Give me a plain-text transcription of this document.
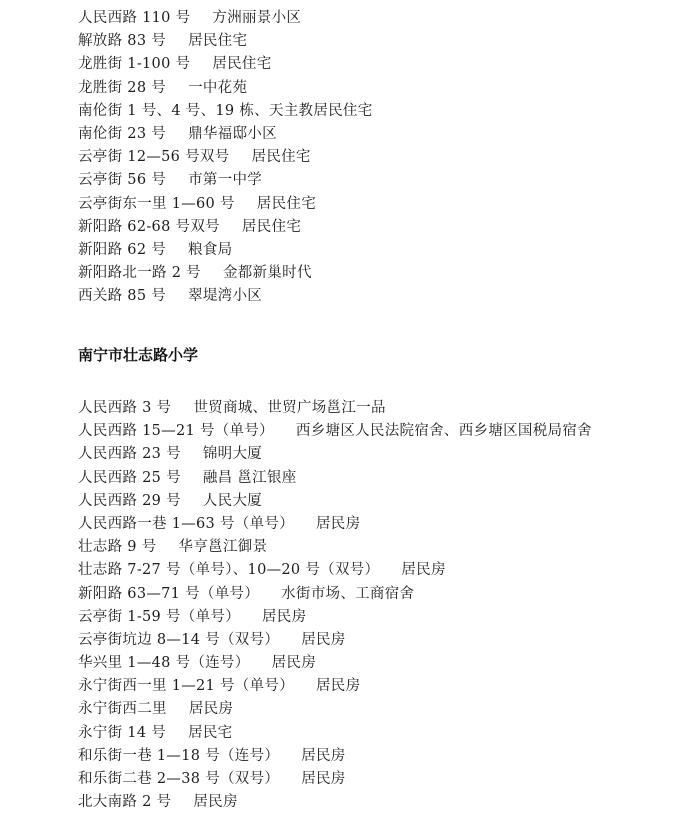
人民西路 110 号 方洲丽景小区
解放路 83 号 居民住宅
龙胜街 1-100 号 居民住宅
龙胜街 28 号 一中花苑
南伦街 1 号、4 号、19 栋、天主教居民住宅
南伦街 23 号 鼎华福邸小区
云亭街 12—56 号双号 居民住宅
云亭街 56 号 市第一中学
云亭街东一里 1—60 号 居民住宅
新阳路 62-68 号双号 居民住宅
新阳路 62 号 粮食局
新阳路北一路 2 号 金都新巢时代
西关路 85 号 翠堤湾小区
南宁市壮志路小学
人民西路 3 号 世贸商城、世贸广场邕江一品
人民西路 15—21 号（单号） 西乡塘区人民法院宿舍、西乡塘区国税局宿舍
人民西路 23 号 锦明大厦
人民西路 25 号 融昌 邕江银座
人民西路 29 号 人民大厦
人民西路一巷 1—63 号（单号） 居民房
壮志路 9 号 华亨邕江御景
壮志路 7-27 号（单号）、10—20 号（双号） 居民房
新阳路 63—71 号（单号） 水街市场、工商宿舍
云亭街 1-59 号（单号） 居民房
云亭街坑边 8—14 号（双号） 居民房
华兴里 1—48 号（连号） 居民房
永宁街西一里 1—21 号（单号） 居民房
永宁街西二里 居民房
永宁街 14 号 居民宅
和乐街一巷 1—18 号（连号） 居民房
和乐街二巷 2—38 号（双号） 居民房
北大南路 2 号 居民房
